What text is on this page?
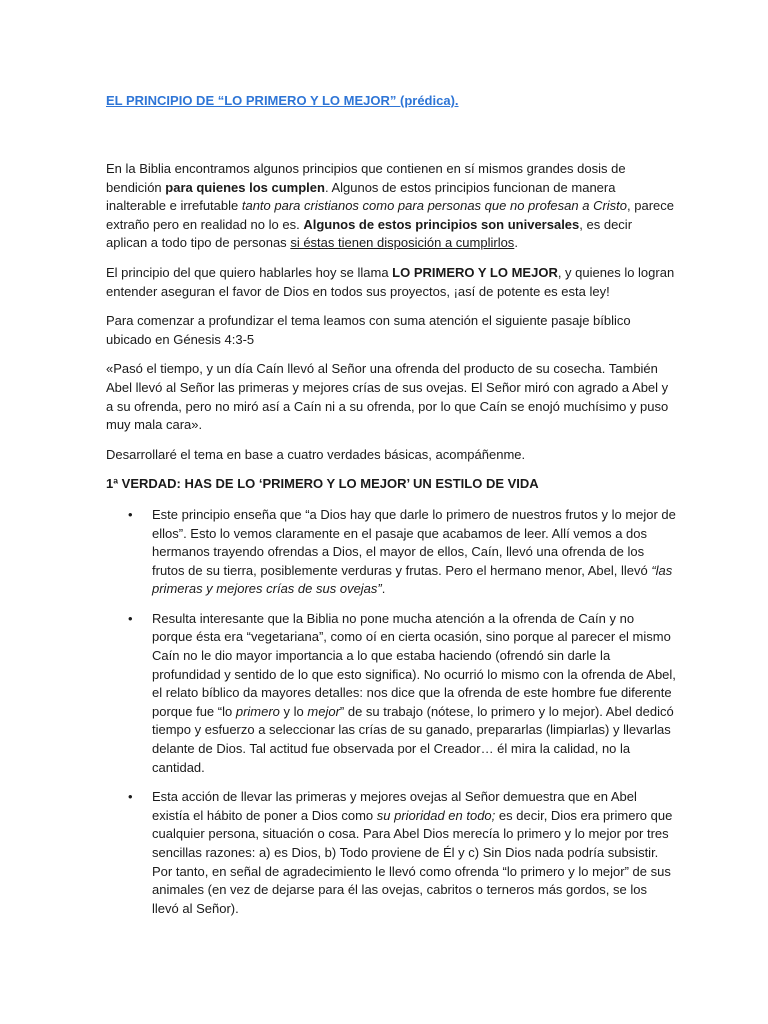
EL PRINCIPIO DE “LO PRIMERO Y LO MEJOR” (prédica).

En la Biblia encontramos algunos principios que contienen en sí mismos grandes dosis de bendición para quienes los cumplen. Algunos de estos principios funcionan de manera inalterable e irrefutable tanto para cristianos como para personas que no profesan a Cristo, parece extraño pero en realidad no lo es. Algunos de estos principios son universales, es decir aplican a todo tipo de personas si éstas tienen disposición a cumplirlos.

El principio del que quiero hablarles hoy se llama LO PRIMERO Y LO MEJOR, y quienes lo logran entender aseguran el favor de Dios en todos sus proyectos, ¡así de potente es esta ley!

Para comenzar a profundizar el tema leamos con suma atención el siguiente pasaje bíblico ubicado en Génesis 4:3-5

«Pasó el tiempo, y un día Caín llevó al Señor una ofrenda del producto de su cosecha. También Abel llevó al Señor las primeras y mejores crías de sus ovejas. El Señor miró con agrado a Abel y a su ofrenda, pero no miró así a Caín ni a su ofrenda, por lo que Caín se enojó muchísimo y puso muy mala cara».

Desarrollaré el tema en base a cuatro verdades básicas, acompáñenme.

1ª VERDAD: HAS DE LO ‘PRIMERO Y LO MEJOR’ UN ESTILO DE VIDA

• Este principio enseña que “a Dios hay que darle lo primero de nuestros frutos y lo mejor de ellos”. Esto lo vemos claramente en el pasaje que acabamos de leer. Allí vemos a dos hermanos trayendo ofrendas a Dios, el mayor de ellos, Caín, llevó una ofrenda de los frutos de su tierra, posiblemente verduras y frutas. Pero el hermano menor, Abel, llevó “las primeras y mejores crías de sus ovejas”.
• Resulta interesante que la Biblia no pone mucha atención a la ofrenda de Caín y no porque ésta era “vegetariana”, como oí en cierta ocasión, sino porque al parecer el mismo Caín no le dio mayor importancia a lo que estaba haciendo (ofrendó sin darle la profundidad y sentido de lo que esto significa). No ocurrió lo mismo con la ofrenda de Abel, el relato bíblico da mayores detalles: nos dice que la ofrenda de este hombre fue diferente porque fue “lo primero y lo mejor” de su trabajo (nótese, lo primero y lo mejor). Abel dedicó tiempo y esfuerzo a seleccionar las crías de su ganado, prepararlas (limpiarlas) y llevarlas delante de Dios. Tal actitud fue observada por el Creador… él mira la calidad, no la cantidad.
• Esta acción de llevar las primeras y mejores ovejas al Señor demuestra que en Abel existía el hábito de poner a Dios como su prioridad en todo; es decir, Dios era primero que cualquier persona, situación o cosa. Para Abel Dios merecía lo primero y lo mejor por tres sencillas razones: a) es Dios, b) Todo proviene de Él y c) Sin Dios nada podría subsistir. Por tanto, en señal de agradecimiento le llevó como ofrenda “lo primero y lo mejor” de sus animales (en vez de dejarse para él las ovejas, cabritos o terneros más gordos, se los llevó al Señor).
